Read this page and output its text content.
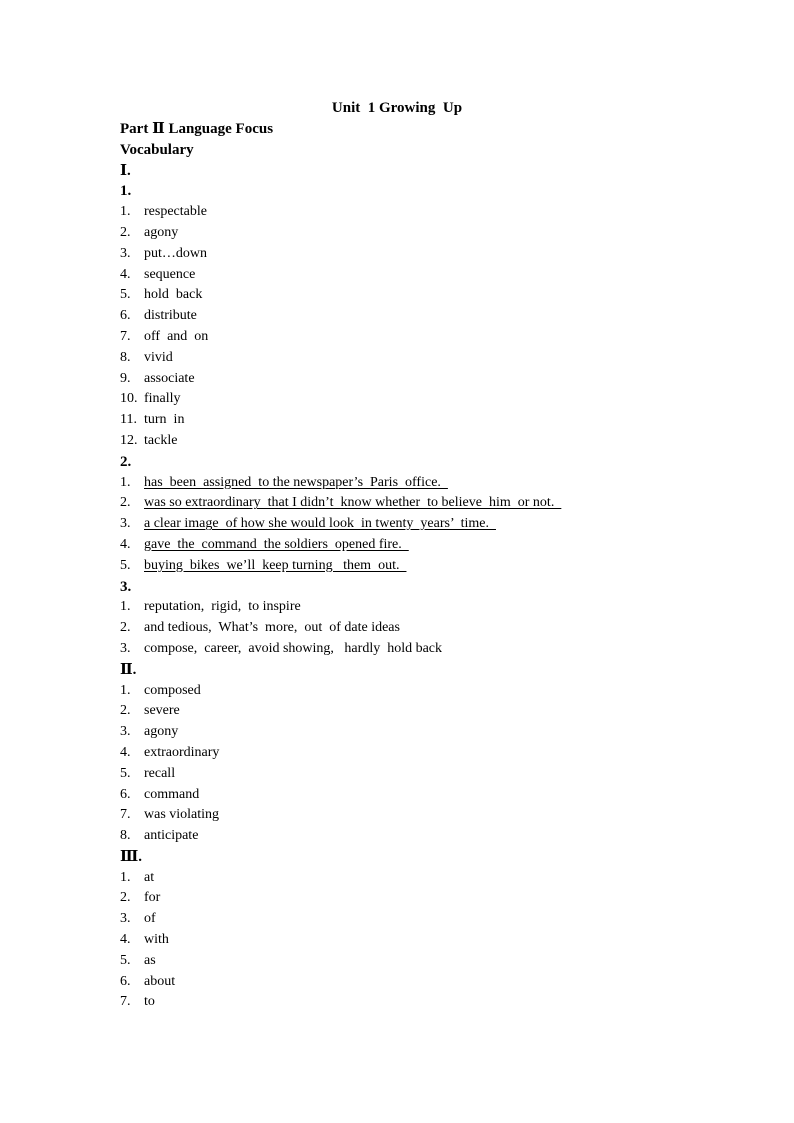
Unit  1 Growing  Up
Part Ⅱ Language Focus
Vocabulary
Ⅰ.
1.
1. respectable
2. agony
3. put…down
4. sequence
5. hold  back
6. distribute
7. off  and  on
8. vivid
9. associate
10. finally
11. turn  in
12. tackle
2.
1. has  been  assigned  to the newspaper’s  Paris  office.
2. was so extraordinary  that I didn’t  know whether  to believe  him  or not.
3. a clear image  of how she would look  in twenty  years’  time.
4. gave  the  command  the soldiers  opened fire.
5. buying  bikes  we’ll  keep turning   them  out.
3.
1. reputation,  rigid,  to inspire
2. and tedious,  What’s  more,  out  of date ideas
3. compose,  career,  avoid showing,   hardly  hold back
Ⅱ.
1. composed
2. severe
3. agony
4. extraordinary
5. recall
6. command
7. was violating
8. anticipate
Ⅲ.
1. at
2. for
3. of
4. with
5. as
6. about
7. to
